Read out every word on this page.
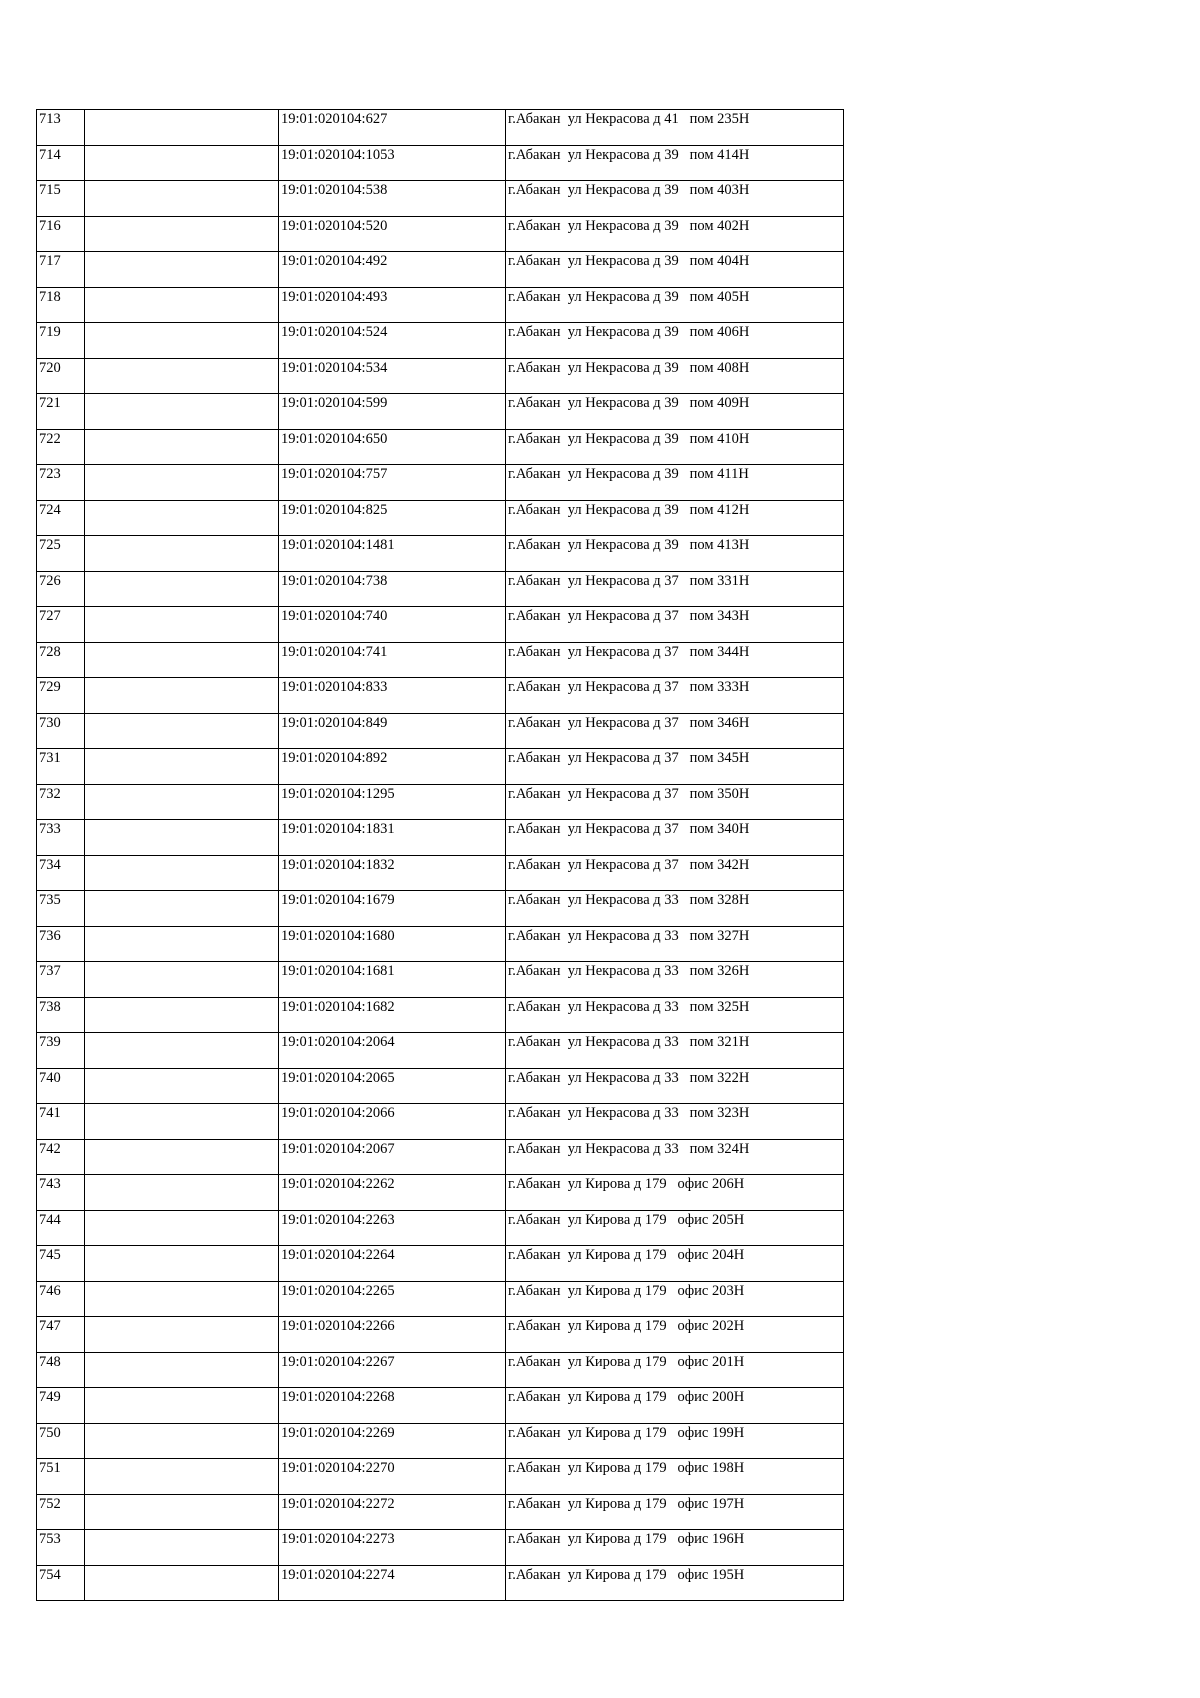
713		19:01:020104:627	г.Абакан  ул Некрасова д 41   пом 235Н
714		19:01:020104:1053	г.Абакан  ул Некрасова д 39   пом 414Н
715		19:01:020104:538	г.Абакан  ул Некрасова д 39   пом 403Н
716		19:01:020104:520	г.Абакан  ул Некрасова д 39   пом 402Н
717		19:01:020104:492	г.Абакан  ул Некрасова д 39   пом 404Н
718		19:01:020104:493	г.Абакан  ул Некрасова д 39   пом 405Н
719		19:01:020104:524	г.Абакан  ул Некрасова д 39   пом 406Н
720		19:01:020104:534	г.Абакан  ул Некрасова д 39   пом 408Н
721		19:01:020104:599	г.Абакан  ул Некрасова д 39   пом 409Н
722		19:01:020104:650	г.Абакан  ул Некрасова д 39   пом 410Н
723		19:01:020104:757	г.Абакан  ул Некрасова д 39   пом 411Н
724		19:01:020104:825	г.Абакан  ул Некрасова д 39   пом 412Н
725		19:01:020104:1481	г.Абакан  ул Некрасова д 39   пом 413Н
726		19:01:020104:738	г.Абакан  ул Некрасова д 37   пом 331Н
727		19:01:020104:740	г.Абакан  ул Некрасова д 37   пом 343Н
728		19:01:020104:741	г.Абакан  ул Некрасова д 37   пом 344Н
729		19:01:020104:833	г.Абакан  ул Некрасова д 37   пом 333Н
730		19:01:020104:849	г.Абакан  ул Некрасова д 37   пом 346Н
731		19:01:020104:892	г.Абакан  ул Некрасова д 37   пом 345Н
732		19:01:020104:1295	г.Абакан  ул Некрасова д 37   пом 350Н
733		19:01:020104:1831	г.Абакан  ул Некрасова д 37   пом 340Н
734		19:01:020104:1832	г.Абакан  ул Некрасова д 37   пом 342Н
735		19:01:020104:1679	г.Абакан  ул Некрасова д 33   пом 328Н
736		19:01:020104:1680	г.Абакан  ул Некрасова д 33   пом 327Н
737		19:01:020104:1681	г.Абакан  ул Некрасова д 33   пом 326Н
738		19:01:020104:1682	г.Абакан  ул Некрасова д 33   пом 325Н
739		19:01:020104:2064	г.Абакан  ул Некрасова д 33   пом 321Н
740		19:01:020104:2065	г.Абакан  ул Некрасова д 33   пом 322Н
741		19:01:020104:2066	г.Абакан  ул Некрасова д 33   пом 323Н
742		19:01:020104:2067	г.Абакан  ул Некрасова д 33   пом 324Н
743		19:01:020104:2262	г.Абакан  ул Кирова д 179   офис 206Н
744		19:01:020104:2263	г.Абакан  ул Кирова д 179   офис 205Н
745		19:01:020104:2264	г.Абакан  ул Кирова д 179   офис 204Н
746		19:01:020104:2265	г.Абакан  ул Кирова д 179   офис 203Н
747		19:01:020104:2266	г.Абакан  ул Кирова д 179   офис 202Н
748		19:01:020104:2267	г.Абакан  ул Кирова д 179   офис 201Н
749		19:01:020104:2268	г.Абакан  ул Кирова д 179   офис 200Н
750		19:01:020104:2269	г.Абакан  ул Кирова д 179   офис 199Н
751		19:01:020104:2270	г.Абакан  ул Кирова д 179   офис 198Н
752		19:01:020104:2272	г.Абакан  ул Кирова д 179   офис 197Н
753		19:01:020104:2273	г.Абакан  ул Кирова д 179   офис 196Н
754		19:01:020104:2274	г.Абакан  ул Кирова д 179   офис 195Н
